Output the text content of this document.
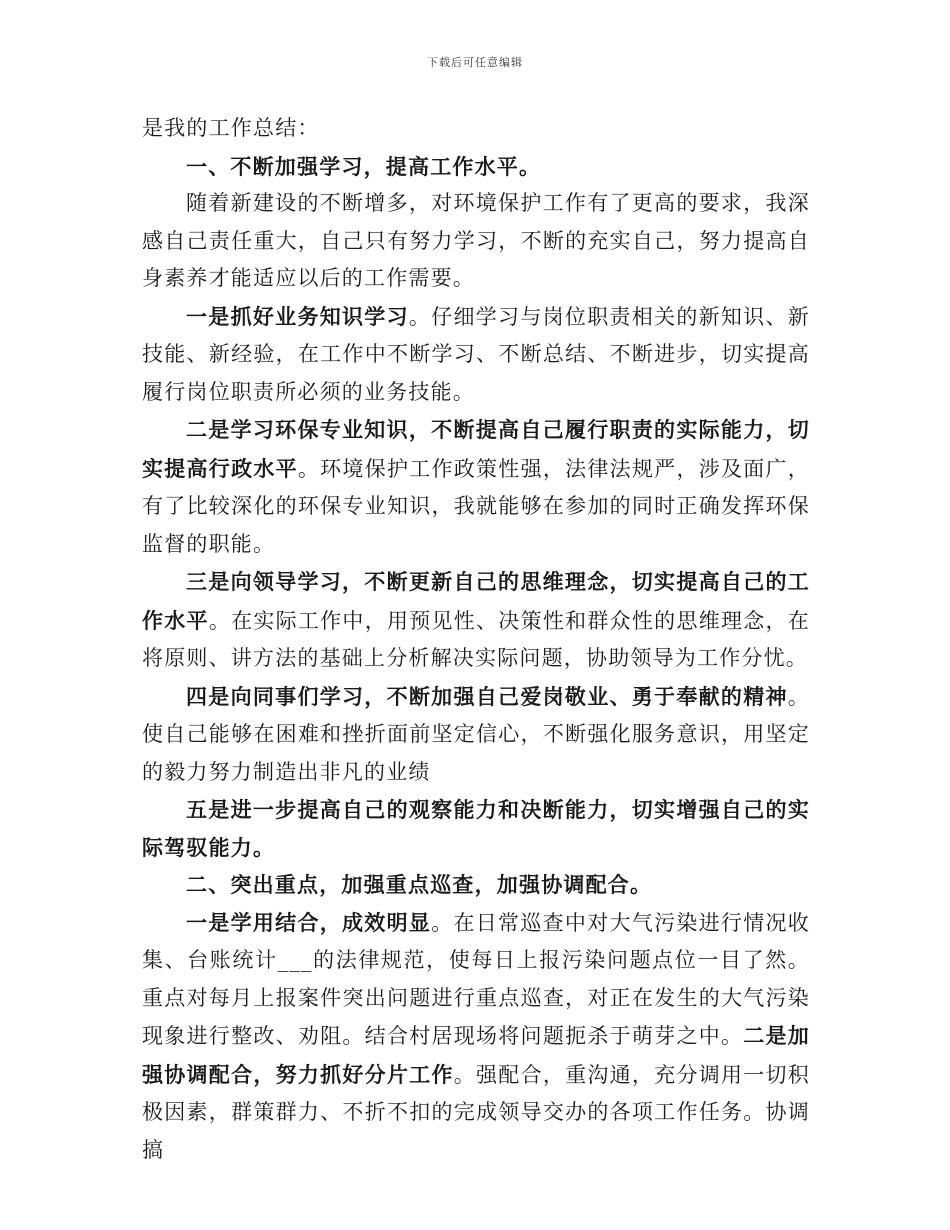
下载后可任意编辑

是我的工作总结：

一、不断加强学习，提高工作水平。

随着新建设的不断增多，对环境保护工作有了更高的要求，我深感自己责任重大，自己只有努力学习，不断的充实自己，努力提高自身素养才能适应以后的工作需要。

一是抓好业务知识学习。仔细学习与岗位职责相关的新知识、新技能、新经验，在工作中不断学习、不断总结、不断进步，切实提高履行岗位职责所必须的业务技能。

二是学习环保专业知识，不断提高自己履行职责的实际能力，切实提高行政水平。环境保护工作政策性强，法律法规严，涉及面广，有了比较深化的环保专业知识，我就能够在参加的同时正确发挥环保监督的职能。

三是向领导学习，不断更新自己的思维理念，切实提高自己的工作水平。在实际工作中，用预见性、决策性和群众性的思维理念，在将原则、讲方法的基础上分析解决实际问题，协助领导为工作分忧。

四是向同事们学习，不断加强自己爱岗敬业、勇于奉献的精神。使自己能够在困难和挫折面前坚定信心，不断强化服务意识，用坚定的毅力努力制造出非凡的业绩

五是进一步提高自己的观察能力和决断能力，切实增强自己的实际驾驭能力。

二、突出重点，加强重点巡查，加强协调配合。

一是学用结合，成效明显。在日常巡查中对大气污染进行情况收集、台账统计___的法律规范，使每日上报污染问题点位一目了然。重点对每月上报案件突出问题进行重点巡查，对正在发生的大气污染现象进行整改、劝阻。结合村居现场将问题扼杀于萌芽之中。二是加强协调配合，努力抓好分片工作。强配合，重沟通，充分调用一切积极因素，群策群力、不折不扣的完成领导交办的各项工作任务。协调搞
